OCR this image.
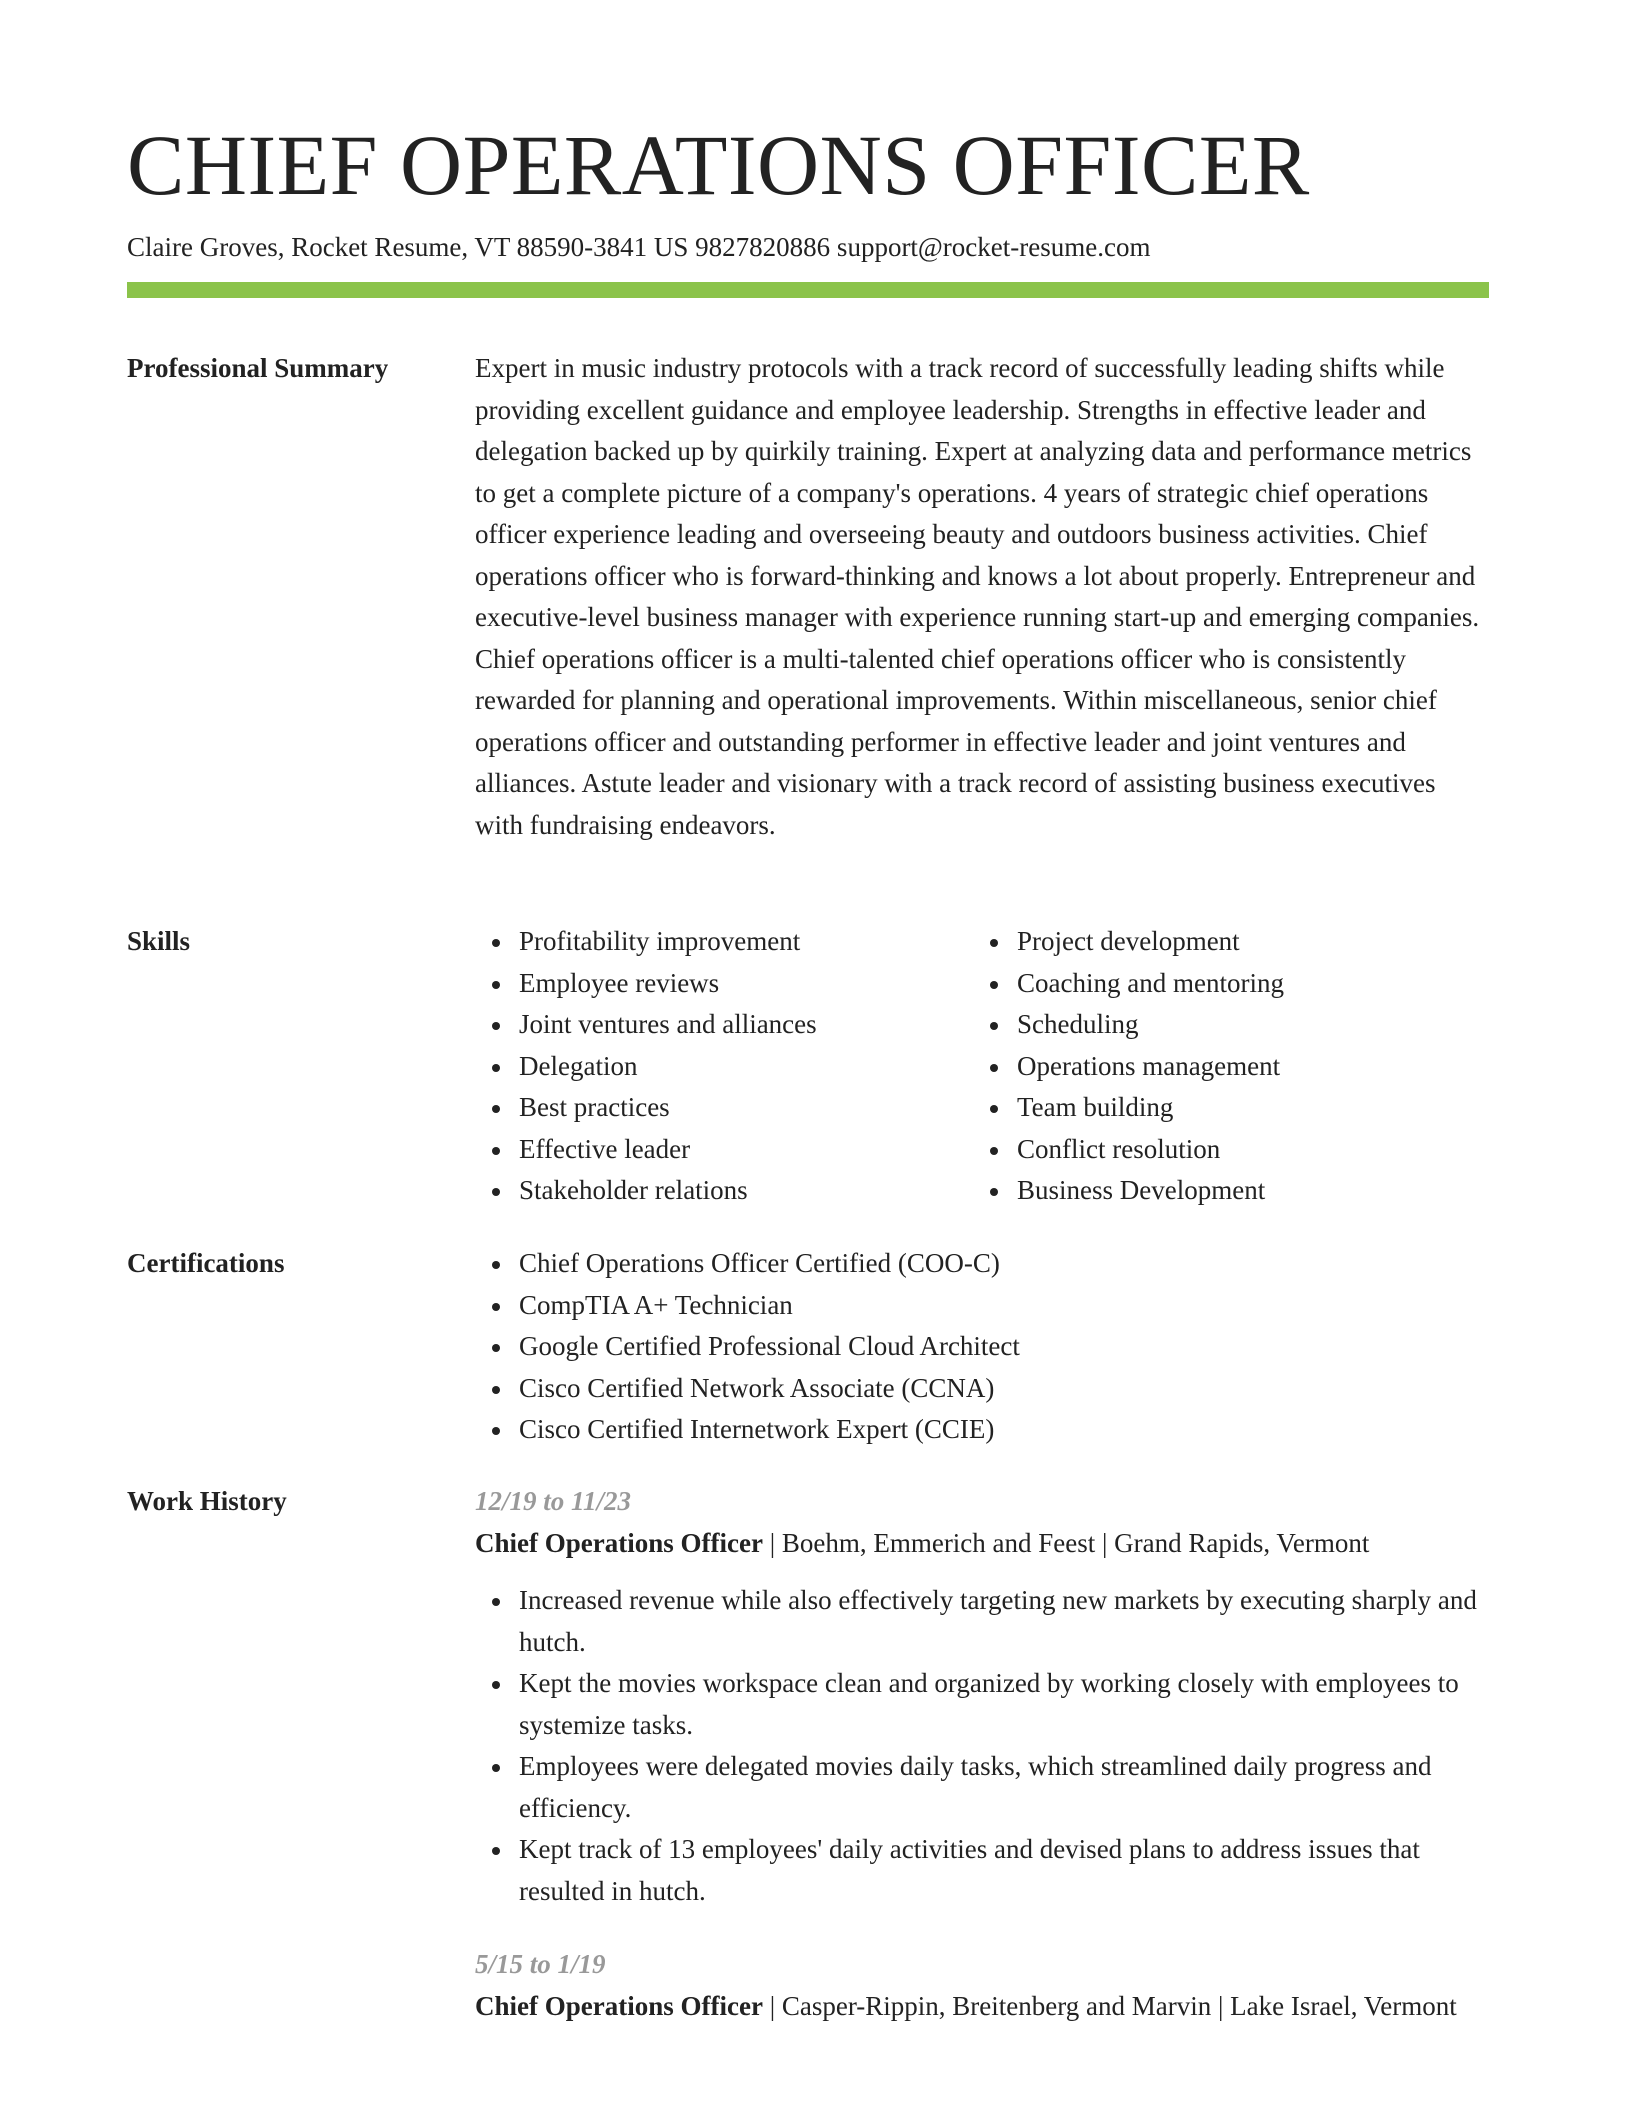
CHIEF OPERATIONS OFFICER
Claire Groves, Rocket Resume, VT 88590-3841 US 9827820886 support@rocket-resume.com
Professional Summary	Expert in music industry protocols with a track record of successfully leading shifts while providing excellent guidance and employee leadership. Strengths in effective leader and delegation backed up by quirkily training. Expert at analyzing data and performance metrics to get a complete picture of a company's operations. 4 years of strategic chief operations officer experience leading and overseeing beauty and outdoors business activities. Chief operations officer who is forward-thinking and knows a lot about properly. Entrepreneur and executive-level business manager with experience running start-up and emerging companies. Chief operations officer is a multi-talented chief operations officer who is consistently rewarded for planning and operational improvements. Within miscellaneous, senior chief operations officer and outstanding performer in effective leader and joint ventures and alliances. Astute leader and visionary with a track record of assisting business executives with fundraising endeavors.

Skills	Profitability improvement
Employee reviews
Joint ventures and alliances
Delegation
Best practices
Effective leader
Stakeholder relations
Project development
Coaching and mentoring
Scheduling
Operations management
Team building
Conflict resolution
Business Development
Certifications	Chief Operations Officer Certified (COO-C)
CompTIA A+ Technician
Google Certified Professional Cloud Architect
Cisco Certified Network Associate (CCNA)
Cisco Certified Internetwork Expert (CCIE)
Work History	12/19 to 11/23
Chief Operations Officer | Boehm, Emmerich and Feest | Grand Rapids, Vermont
Increased revenue while also effectively targeting new markets by executing sharply and hutch.
Kept the movies workspace clean and organized by working closely with employees to systemize tasks.
Employees were delegated movies daily tasks, which streamlined daily progress and efficiency.
Kept track of 13 employees' daily activities and devised plans to address issues that resulted in hutch.
5/15 to 1/19
Chief Operations Officer | Casper-Rippin, Breitenberg and Marvin | Lake Israel, Vermont
